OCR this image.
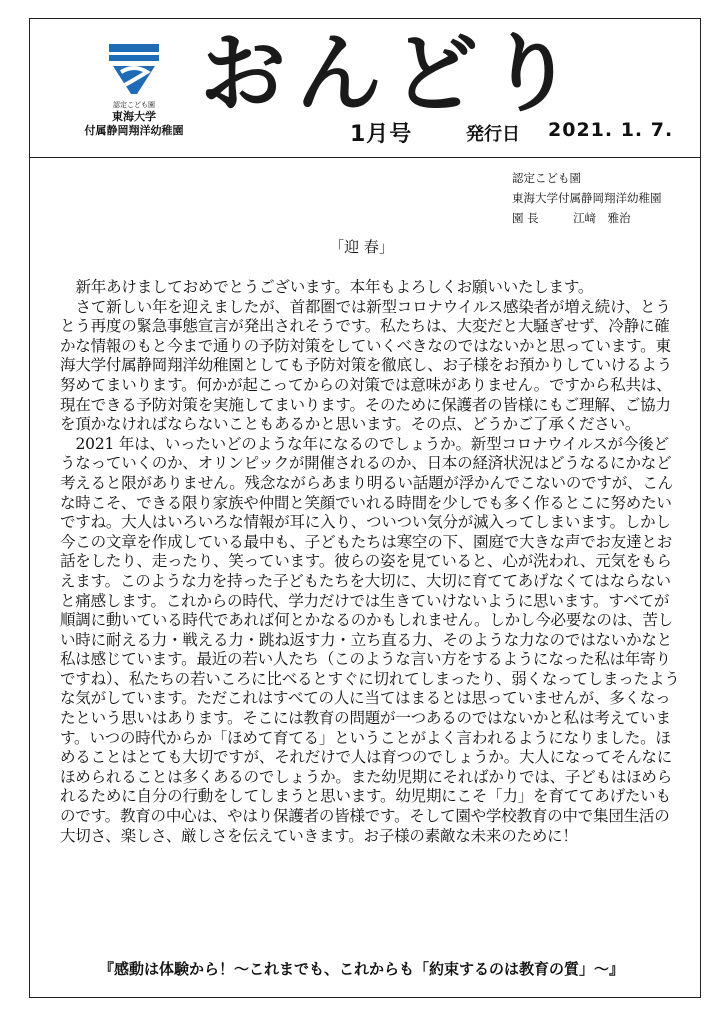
認定こども園
東海大学
付属静岡翔洋幼稚園
おんどり
1月号	発行日 2021. 1. 7.
認定こども園
東海大学付属静岡翔洋幼稚園
園 長　　　江﨑　雅治
「迎 春」

新年あけましておめでとうございます。本年もよろしくお願いいたします。

さて新しい年を迎えましたが、首都圏では新型コロナウイルス感染者が増え続け、とうとう再度の緊急事態宣言が発出されそうです。私たちは、大変だと大騒ぎせず、冷静に確かな情報のもと今まで通りの予防対策をしていくべきなのではないかと思っています。東海大学付属静岡翔洋幼稚園としても予防対策を徹底し、お子様をお預かりしていけるよう努めてまいります。何かが起こってからの対策では意味がありません。ですから私共は、現在できる予防対策を実施してまいります。そのために保護者の皆様にもご理解、ご協力を頂かなければならないこともあるかと思います。その点、どうかご了承ください。

2021 年は、いったいどのような年になるのでしょうか。新型コロナウイルスが今後どうなっていくのか、オリンピックが開催されるのか、日本の経済状況はどうなるにかなど考えると限がありません。残念ながらあまり明るい話題が浮かんでこないのですが、こんな時こそ、できる限り家族や仲間と笑顔でいれる時間を少しでも多く作るとこに努めたいですね。大人はいろいろな情報が耳に入り、ついつい気分が滅入ってしまいます。しかし今この文章を作成している最中も、子どもたちは寒空の下、園庭で大きな声でお友達とお話をしたり、走ったり、笑っています。彼らの姿を見ていると、心が洗われ、元気をもらえます。このような力を持った子どもたちを大切に、大切に育ててあげなくてはならないと痛感します。これからの時代、学力だけでは生きていけないように思います。すべてが順調に動いている時代であれば何とかなるのかもしれません。しかし今必要なのは、苦しい時に耐える力・戦える力・跳ね返す力・立ち直る力、そのような力なのではないかなと私は感じています。最近の若い人たち（このような言い方をするようになった私は年寄りですね）、私たちの若いころに比べるとすぐに切れてしまったり、弱くなってしまったような気がしています。ただこれはすべての人に当てはまるとは思っていませんが、多くなったという思いはあります。そこには教育の問題が一つあるのではないかと私は考えています。いつの時代からか「ほめて育てる」ということがよく言われるようになりました。ほめることはとても大切ですが、それだけで人は育つのでしょうか。大人になってそんなにほめられることは多くあるのでしょうか。また幼児期にそればかりでは、子どもはほめられるために自分の行動をしてしまうと思います。幼児期にこそ「力」を育ててあげたいものです。教育の中心は、やはり保護者の皆様です。そして園や学校教育の中で集団生活の大切さ、楽しさ、厳しさを伝えていきます。お子様の素敵な未来のために！

『感動は体験から！～これまでも、これからも「約束するのは教育の質」～』
